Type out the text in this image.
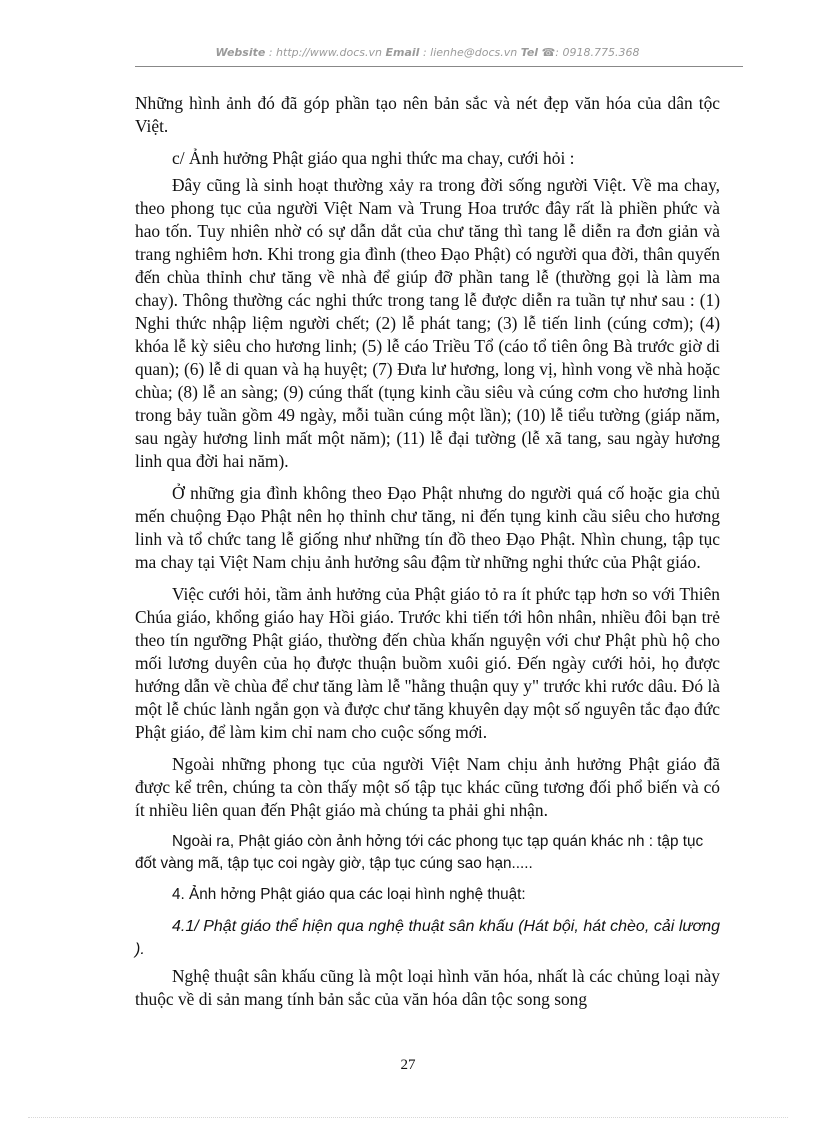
Website : http://www.docs.vn Email : lienhe@docs.vn Tel ☎: 0918.775.368

Những hình ảnh đó đã góp phần tạo nên bản sắc và nét đẹp văn hóa của dân tộc Việt.

c/ Ảnh hưởng Phật giáo qua nghi thức ma chay, cưới hỏi :

Đây cũng là sinh hoạt thường xảy ra trong đời sống người Việt. Về ma chay, theo phong tục của người Việt Nam và Trung Hoa trước đây rất là phiền phức và hao tốn. Tuy nhiên nhờ có sự dẫn dắt của chư tăng thì tang lễ diễn ra đơn giản và trang nghiêm hơn. Khi trong gia đình (theo Đạo Phật) có người qua đời, thân quyến đến chùa thỉnh chư tăng về nhà để giúp đỡ phần tang lễ (thường gọi là làm ma chay). Thông thường các nghi thức trong tang lễ được diễn ra tuần tự như sau : (1) Nghi thức nhập liệm người chết; (2) lễ phát tang; (3) lễ tiến linh (cúng cơm); (4) khóa lễ kỳ siêu cho hương linh; (5) lễ cáo Triều Tổ (cáo tổ tiên ông Bà trước giờ di quan); (6) lễ di quan và hạ huyệt; (7) Đưa lư hương, long vị, hình vong về nhà hoặc chùa; (8) lễ an sàng; (9) cúng thất (tụng kinh cầu siêu và cúng cơm cho hương linh trong bảy tuần gồm 49 ngày, mỗi tuần cúng một lần); (10) lễ tiểu tường (giáp năm, sau ngày hương linh mất một năm); (11) lễ đại tường (lễ xã tang, sau ngày hương linh qua đời hai năm).

Ở những gia đình không theo Đạo Phật nhưng do người quá cố hoặc gia chủ mến chuộng Đạo Phật nên họ thỉnh chư tăng, ni đến tụng kinh cầu siêu cho hương linh và tổ chức tang lễ giống như những tín đồ theo Đạo Phật. Nhìn chung, tập tục ma chay tại Việt Nam chịu ảnh hưởng sâu đậm từ những nghi thức của Phật giáo.

Việc cưới hỏi, tầm ảnh hưởng của Phật giáo tỏ ra ít phức tạp hơn so với Thiên Chúa giáo, khổng giáo hay Hồi giáo. Trước khi tiến tới hôn nhân, nhiều đôi bạn trẻ theo tín ngưỡng Phật giáo, thường đến chùa khấn nguyện với chư Phật phù hộ cho mối lương duyên của họ được thuận buồm xuôi gió. Đến ngày cưới hỏi, họ được hướng dẫn về chùa để chư tăng làm lễ "hằng thuận quy y" trước khi rước dâu. Đó là một lễ chúc lành ngắn gọn và được chư tăng khuyên dạy một số nguyên tắc đạo đức Phật giáo, để làm kim chỉ nam cho cuộc sống mới.

Ngoài những phong tục của người Việt Nam chịu ảnh hưởng Phật giáo đã được kể trên, chúng ta còn thấy một số tập tục khác cũng tương đối phổ biến và có ít nhiều liên quan đến Phật giáo mà chúng ta phải ghi nhận.

Ngoài ra, Phật giáo còn ảnh hởng tới các phong tục tạp quán khác nh : tập tục đốt vàng mã, tập tục coi ngày giờ, tập tục cúng sao hạn.....

4. Ảnh hởng Phật giáo qua các loại hình nghệ thuật:

4.1/ Phật giáo thể hiện qua nghệ thuật sân khấu (Hát bội, hát chèo, cải lương ).

Nghệ thuật sân khấu cũng là một loại hình văn hóa, nhất là các chủng loại này thuộc về di sản mang tính bản sắc của văn hóa dân tộc song song

27
